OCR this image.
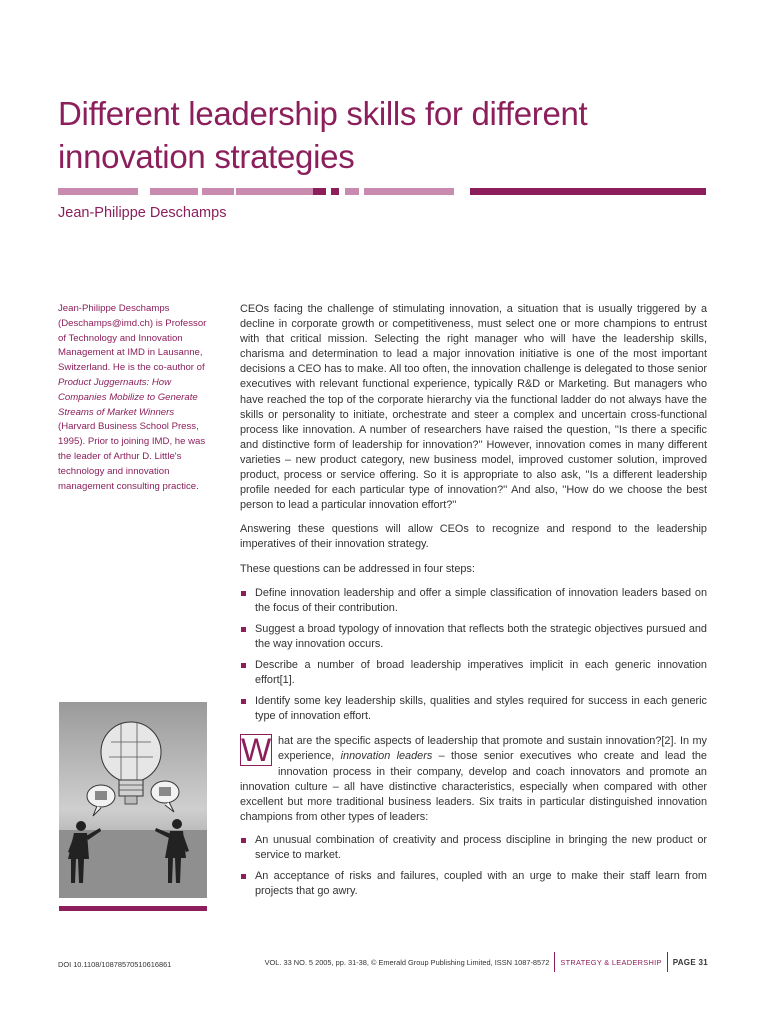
Different leadership skills for different innovation strategies
Jean-Philippe Deschamps
Jean-Philippe Deschamps (Deschamps@imd.ch) is Professor of Technology and Innovation Management at IMD in Lausanne, Switzerland. He is the co-author of Product Juggernauts: How Companies Mobilize to Generate Streams of Market Winners (Harvard Business School Press, 1995). Prior to joining IMD, he was the leader of Arthur D. Little's technology and innovation management consulting practice.

CEOs facing the challenge of stimulating innovation, a situation that is usually triggered by a decline in corporate growth or competitiveness, must select one or more champions to entrust with that critical mission. Selecting the right manager who will have the leadership skills, charisma and determination to lead a major innovation initiative is one of the most important decisions a CEO has to make. All too often, the innovation challenge is delegated to those senior executives with relevant functional experience, typically R&D or Marketing. But managers who have reached the top of the corporate hierarchy via the functional ladder do not always have the skills or personality to initiate, orchestrate and steer a complex and uncertain cross-functional process like innovation. A number of researchers have raised the question, ''Is there a specific and distinctive form of leadership for innovation?'' However, innovation comes in many different varieties – new product category, new business model, improved customer solution, improved product, process or service offering. So it is appropriate to also ask, ''Is a different leadership profile needed for each particular type of innovation?'' And also, ''How do we choose the best person to lead a particular innovation effort?''

Answering these questions will allow CEOs to recognize and respond to the leadership imperatives of their innovation strategy.

These questions can be addressed in four steps:

Define innovation leadership and offer a simple classification of innovation leaders based on the focus of their contribution.
Suggest a broad typology of innovation that reflects both the strategic objectives pursued and the way innovation occurs.
Describe a number of broad leadership imperatives implicit in each generic innovation effort[1].
Identify some key leadership skills, qualities and styles required for success in each generic type of innovation effort.
W hat are the specific aspects of leadership that promote and sustain innovation?[2]. In my experience, innovation leaders – those senior executives who create and lead the innovation process in their company, develop and coach innovators and promote an innovation culture – all have distinctive characteristics, especially when compared with other excellent but more traditional business leaders. Six traits in particular distinguished innovation champions from other types of leaders:
An unusual combination of creativity and process discipline in bringing the new product or service to market.
An acceptance of risks and failures, coupled with an urge to make their staff learn from projects that go awry.
DOI 10.1108/10878570510616861	VOL. 33 NO. 5 2005, pp. 31-38, © Emerald Group Publishing Limited, ISSN 1087-8572 STRATEGY & LEADERSHIP PAGE 31
